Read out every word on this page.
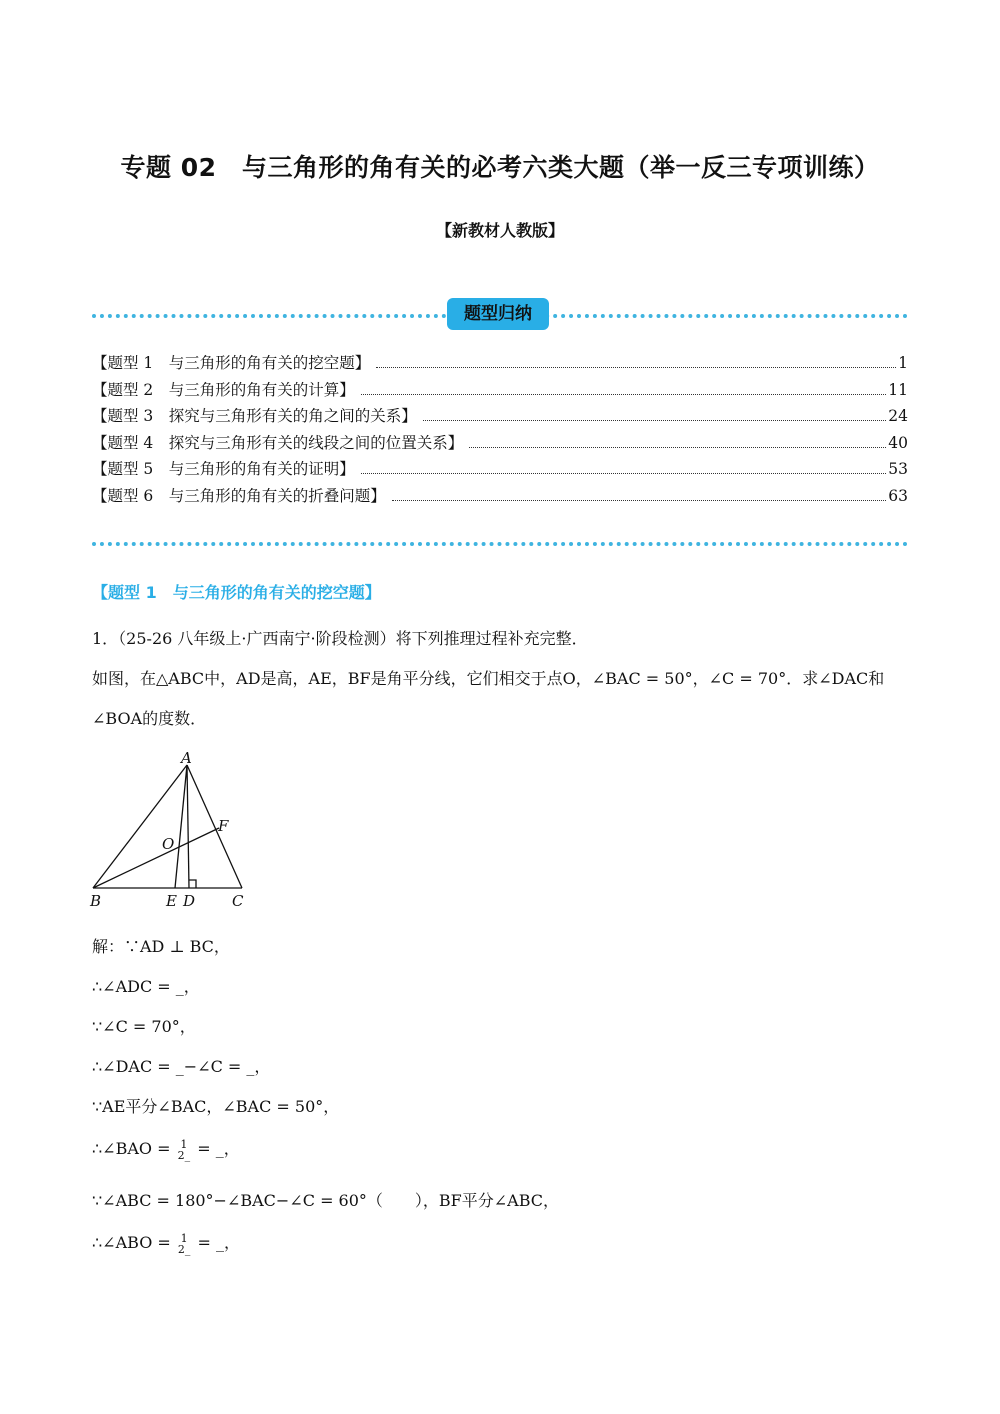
专题 02　与三角形的角有关的必考六类大题（举一反三专项训练）
【新教材人教版】
题型归纳
【题型 1　与三角形的角有关的挖空题】	1
【题型 2　与三角形的角有关的计算】	11
【题型 3　探究与三角形有关的角之间的关系】	24
【题型 4　探究与三角形有关的线段之间的位置关系】	40
【题型 5　与三角形的角有关的证明】	53
【题型 6　与三角形的角有关的折叠问题】	63
【题型 1　与三角形的角有关的挖空题】
1．（25-26 八年级上·广西南宁·阶段检测）将下列推理过程补充完整．
如图，在△ABC中，AD是高，AE，BF是角平分线，它们相交于点O，∠BAC = 50°，∠C = 70°．求∠DAC和
∠BOA的度数．
A
B	C
D
E
F
O
解：∵AD ⊥ BC，
∴∠ADC = _，
∵∠C = 70°，
∴∠DAC = _−∠C = _，
∵AE平分∠BAC，∠BAC = 50°，
∴∠BAO = 1
2_ = _，
∵∠ABC = 180°−∠BAC−∠C = 60°（　　），BF平分∠ABC，
∴∠ABO = 1
2_ = _，
